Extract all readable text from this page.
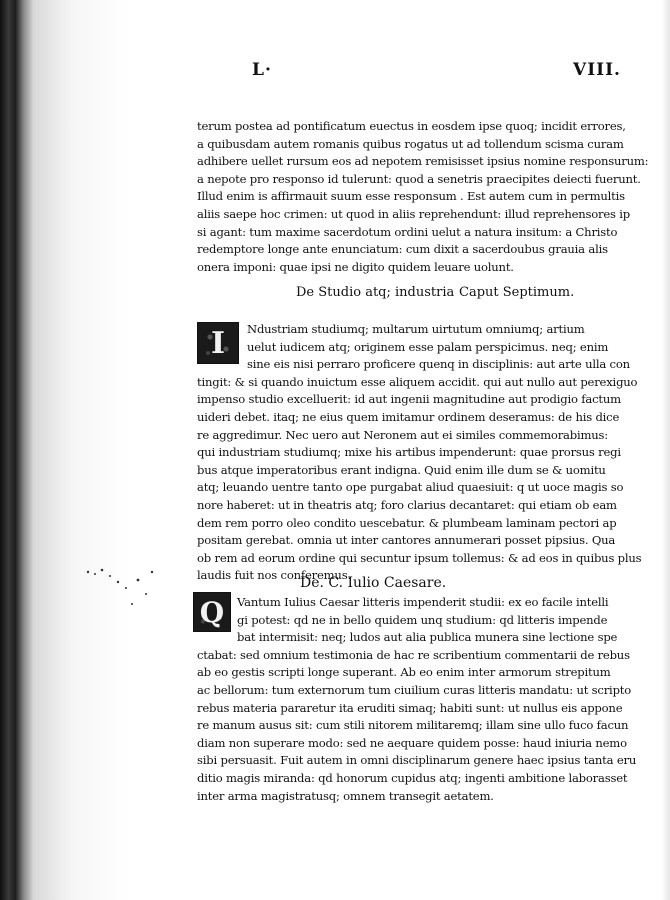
L·	VIII.
terum postea ad pontificatum euectus in eosdem ipse quoq; incidit errores,
a quibusdam autem romanis quibus rogatus ut ad tollendum scisma curam
adhibere uellet rursum eos ad nepotem remisisset ipsius nomine responsurum:
a nepote pro responso id tulerunt: quod a senetris praecipites deiecti fuerunt.
Illud enim is affirmauit suum esse responsum . Est autem cum in permultis
aliis saepe hoc crimen: ut quod in aliis reprehendunt: illud reprehensores ip
si agant: tum maxime sacerdotum ordini uelut a natura insitum: a Christo
redemptore longe ante enunciatum: cum dixit a sacerdoubus grauia alis
onera imponi: quae ipsi ne digito quidem leuare uolunt.
De Studio atq; industria Caput Septimum.
I	Ndustriam studiumq; multarum uirtutum omniumq; artium
uelut iudicem atq; originem esse palam perspicimus. neq; enim
sine eis nisi perraro proficere quenq in disciplinis: aut arte ulla con
tingit: & si quando inuictum esse aliquem accidit. qui aut nullo aut perexiguo
impenso studio excelluerit: id aut ingenii magnitudine aut prodigio factum
uideri debet. itaq; ne eius quem imitamur ordinem deseramus: de his dice
re aggredimur. Nec uero aut Neronem aut ei similes commemorabimus:
qui industriam studiumq; mixe his artibus impenderunt: quae prorsus regi
bus atque imperatoribus erant indigna. Quid enim ille dum se & uomitu
atq; leuando uentre tanto ope purgabat aliud quaesiuit: q ut uoce magis so
nore haberet: ut in theatris atq; foro clarius decantaret: qui etiam ob eam
dem rem porro oleo condito uescebatur. & plumbeam laminam pectori ap
positam gerebat. omnia ut inter cantores annumerari posset pipsius. Qua
ob rem ad eorum ordine qui secuntur ipsum tollemus: & ad eos in quibus plus
laudis fuit nos conferemus.
De. C. Iulio Caesare.
Q	Vantum Iulius Caesar litteris impenderit studii: ex eo facile intelli
gi potest: qd ne in bello quidem unq studium: qd litteris impende
bat intermisit: neq; ludos aut alia publica munera sine lectione spe
ctabat: sed omnium testimonia de hac re scribentium commentarii de rebus
ab eo gestis scripti longe superant. Ab eo enim inter armorum strepitum
ac bellorum: tum externorum tum ciuilium curas litteris mandatu: ut scripto
rebus materia pararetur ita eruditi simaq; habiti sunt: ut nullus eis appone
re manum ausus sit: cum stili nitorem militaremq; illam sine ullo fuco facun
diam non superare modo: sed ne aequare quidem posse: haud iniuria nemo
sibi persuasit. Fuit autem in omni disciplinarum genere haec ipsius tanta eru
ditio magis miranda: qd honorum cupidus atq; ingenti ambitione laborasset
inter arma magistratusq; omnem transegit aetatem.
